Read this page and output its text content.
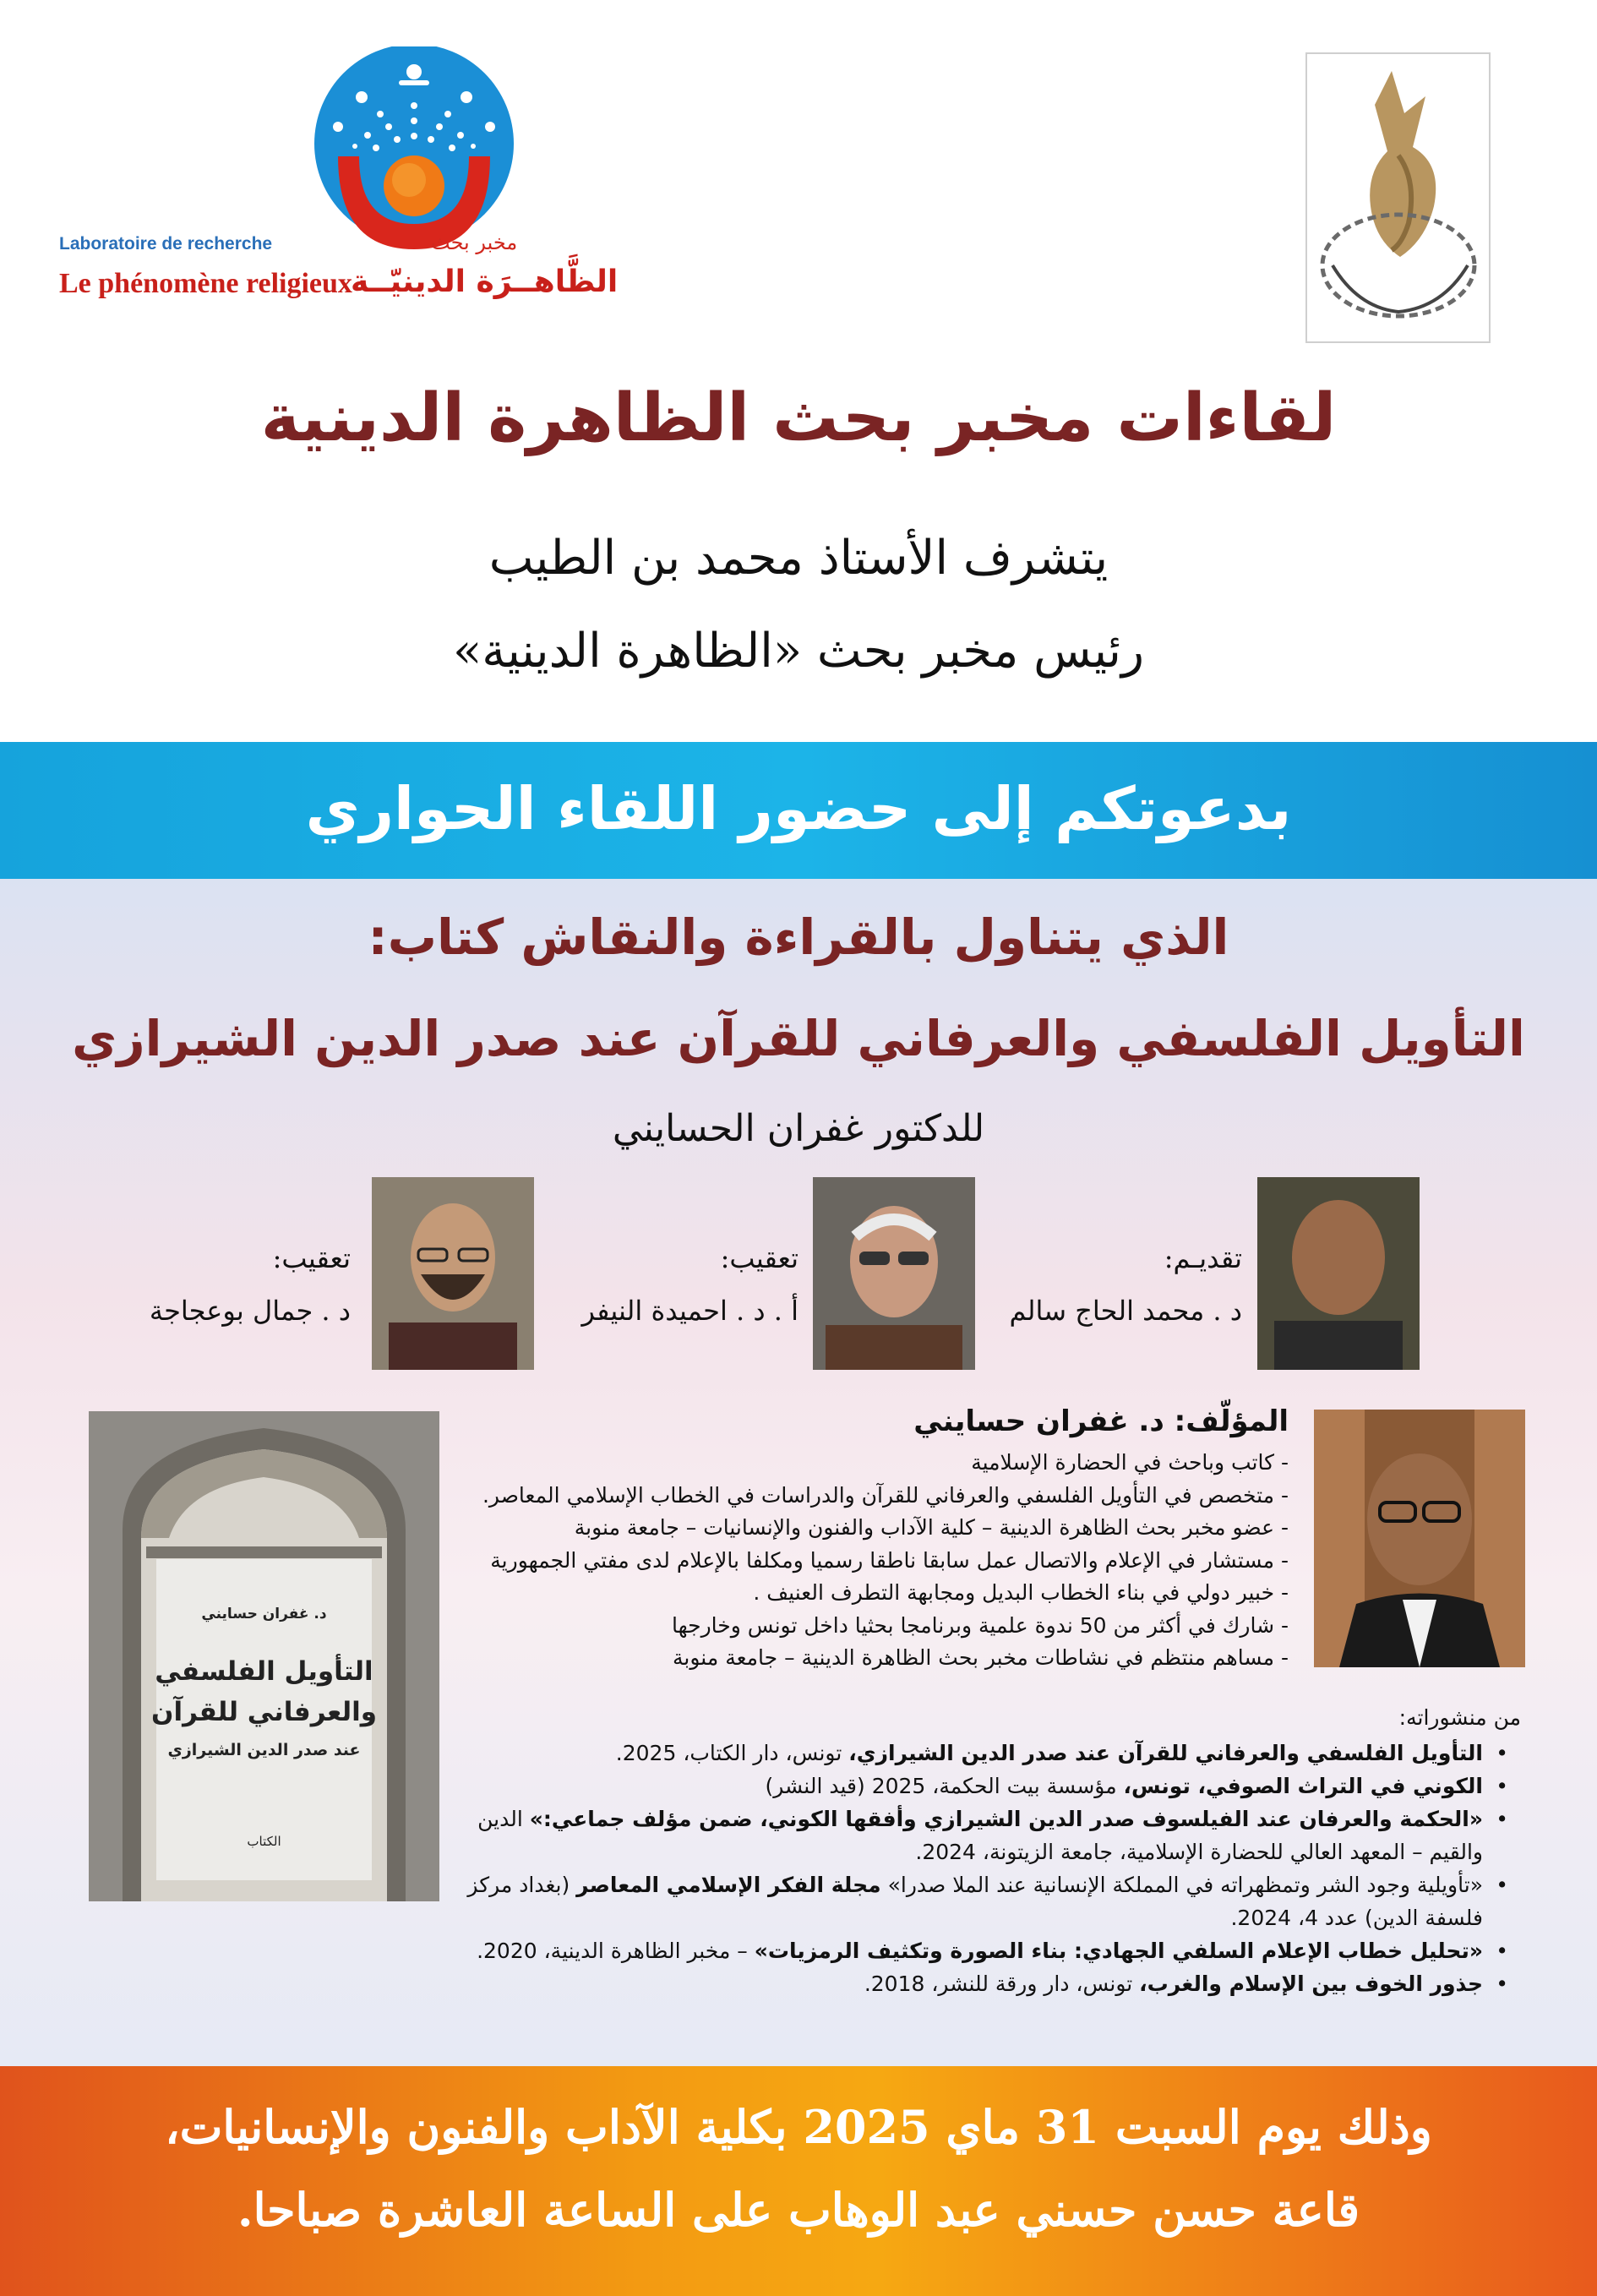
Laboratoire de recherche	مخبر بحث
Le phénomène religieux
الظَّاهــرَة الدينيّــة
لقاءات مخبر بحث الظاهرة الدينية
يتشرف الأستاذ محمد بن الطيب
رئيس مخبر بحث «الظاهرة الدينية»
بدعوتكم إلى حضور اللقاء الحواري
الذي يتناول بالقراءة والنقاش كتاب:
التأويل الفلسفي والعرفاني للقرآن عند صدر الدين الشيرازي
للدكتور غفران الحسايني
تقديـم:
د . محمد الحاج سالم
تعقيب:
أ . د . احميدة النيفر
تعقيب:
د . جمال بوعجاجة
د. غفران حسايني
التأويل الفلسفي
والعرفاني للقرآن
عند صدر الدين الشيرازي
الكتاب
المؤلّف: د. غفران حسايني
- كاتب وباحث في الحضارة الإسلامية
- متخصص في التأويل الفلسفي والعرفاني للقرآن والدراسات في الخطاب الإسلامي المعاصر.
- عضو مخبر بحث الظاهرة الدينية – كلية الآداب والفنون والإنسانيات – جامعة منوبة
- مستشار في الإعلام والاتصال عمل سابقا ناطقا رسميا ومكلفا بالإعلام لدى مفتي الجمهورية
- خبير دولي في بناء الخطاب البديل ومجابهة التطرف العنيف .
- شارك في أكثر من 50 ندوة علمية وبرنامجا بحثيا داخل تونس وخارجها
- مساهم منتظم في نشاطات مخبر بحث الظاهرة الدينية – جامعة منوبة
من منشوراته:
•
التأويل الفلسفي والعرفاني للقرآن عند صدر الدين الشيرازي، تونس، دار الكتاب، 2025.
•
الكوني في التراث الصوفي، تونس، مؤسسة بيت الحكمة، 2025 (قيد النشر)
•
«الحكمة والعرفان عند الفيلسوف صدر الدين الشيرازي وأفقها الكوني، ضمن مؤلف جماعي:» الدين والقيم – المعهد العالي للحضارة الإسلامية، جامعة الزيتونة، 2024.
•
«تأويلية وجود الشر وتمظهراته في المملكة الإنسانية عند الملا صدرا» مجلة الفكر الإسلامي المعاصر (بغداد مركز فلسفة الدين) عدد 4، 2024.
•
«تحليل خطاب الإعلام السلفي الجهادي: بناء الصورة وتكثيف الرمزيات» – مخبر الظاهرة الدينية، 2020.
•
جذور الخوف بين الإسلام والغرب، تونس، دار ورقة للنشر، 2018.
وذلك يوم السبت 31 ماي 2025 بكلية الآداب والفنون والإنسانيات،
قاعة حسن حسني عبد الوهاب على الساعة العاشرة صباحا.
